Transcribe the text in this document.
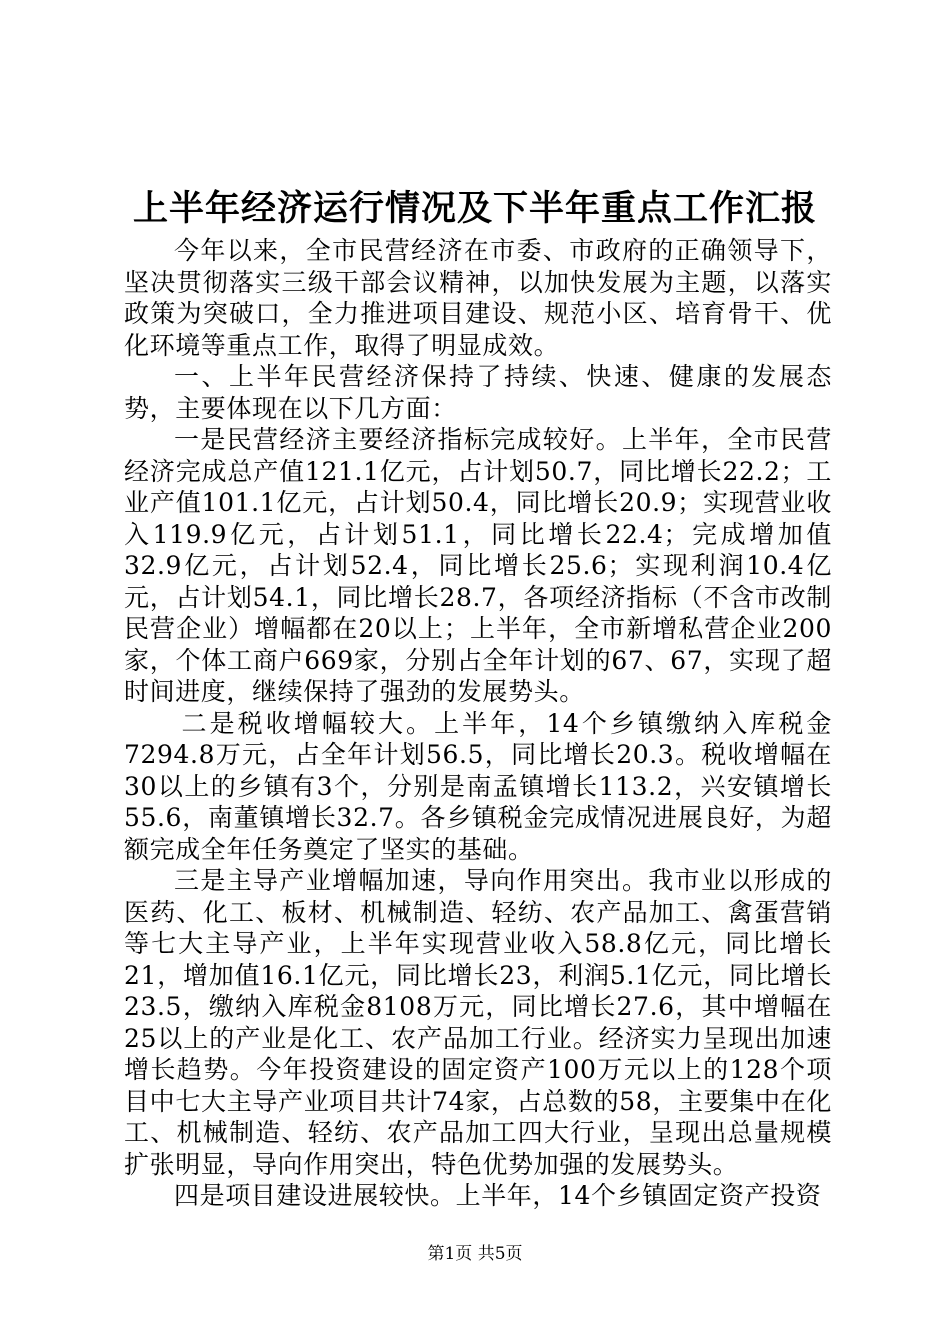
上半年经济运行情况及下半年重点工作汇报

今年以来，全市民营经济在市委、市政府的正确领导下，坚决贯彻落实三级干部会议精神，以加快发展为主题，以落实政策为突破口，全力推进项目建设、规范小区、培育骨干、优化环境等重点工作，取得了明显成效。

一、上半年民营经济保持了持续、快速、健康的发展态势，主要体现在以下几方面：

一是民营经济主要经济指标完成较好。上半年，全市民营经济完成总产值121.1亿元，占计划50.7，同比增长22.2；工业产值101.1亿元，占计划50.4，同比增长20.9；实现营业收入119.9亿元，占计划51.1，同比增长22.4；完成增加值32.9亿元，占计划52.4，同比增长25.6；实现利润10.4亿元，占计划54.1，同比增长28.7，各项经济指标（不含市改制民营企业）增幅都在20以上；上半年，全市新增私营企业200家，个体工商户669家，分别占全年计划的67、67，实现了超时间进度，继续保持了强劲的发展势头。

二是税收增幅较大。上半年，14个乡镇缴纳入库税金7294.8万元，占全年计划56.5，同比增长20.3。税收增幅在30以上的乡镇有3个，分别是南孟镇增长113.2，兴安镇增长55.6，南董镇增长32.7。各乡镇税金完成情况进展良好，为超额完成全年任务奠定了坚实的基础。

三是主导产业增幅加速，导向作用突出。我市业以形成的医药、化工、板材、机械制造、轻纺、农产品加工、禽蛋营销等七大主导产业，上半年实现营业收入58.8亿元，同比增长21，增加值16.1亿元，同比增长23，利润5.1亿元，同比增长23.5，缴纳入库税金8108万元，同比增长27.6，其中增幅在25以上的产业是化工、农产品加工行业。经济实力呈现出加速增长趋势。今年投资建设的固定资产100万元以上的128个项目中七大主导产业项目共计74家，占总数的58，主要集中在化工、机械制造、轻纺、农产品加工四大行业，呈现出总量规模扩张明显，导向作用突出，特色优势加强的发展势头。

四是项目建设进展较快。上半年，14个乡镇固定资产投资

第1页 共5页
